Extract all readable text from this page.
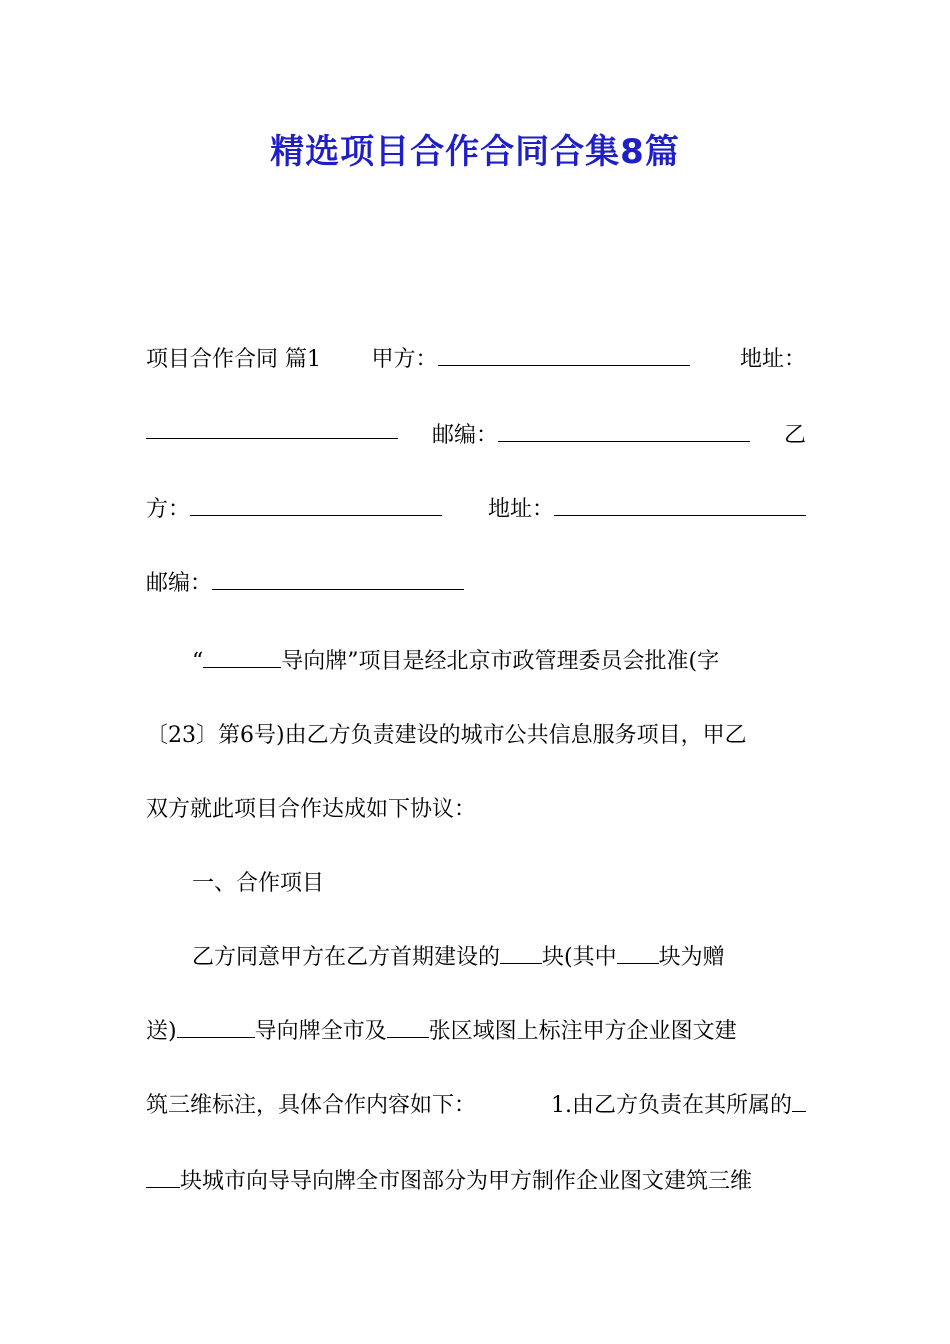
精选项目合作合同合集8篇
项目合作合同 篇1 甲方：	地址：
邮编：	乙
方：	地址：
邮编：
“	导向牌”项目是经北京市政管理委员会批准(字
〔23〕第6号)由乙方负责建设的城市公共信息服务项目，甲乙
双方就此项目合作达成如下协议：
一、合作项目
乙方同意甲方在乙方首期建设的 块(其中 块为赠
送)	导向牌全市及 张区域图上标注甲方企业图文建
筑三维标注，具体合作内容如下：	1.由乙方负责在其所属的
块城市向导导向牌全市图部分为甲方制作企业图文建筑三维
